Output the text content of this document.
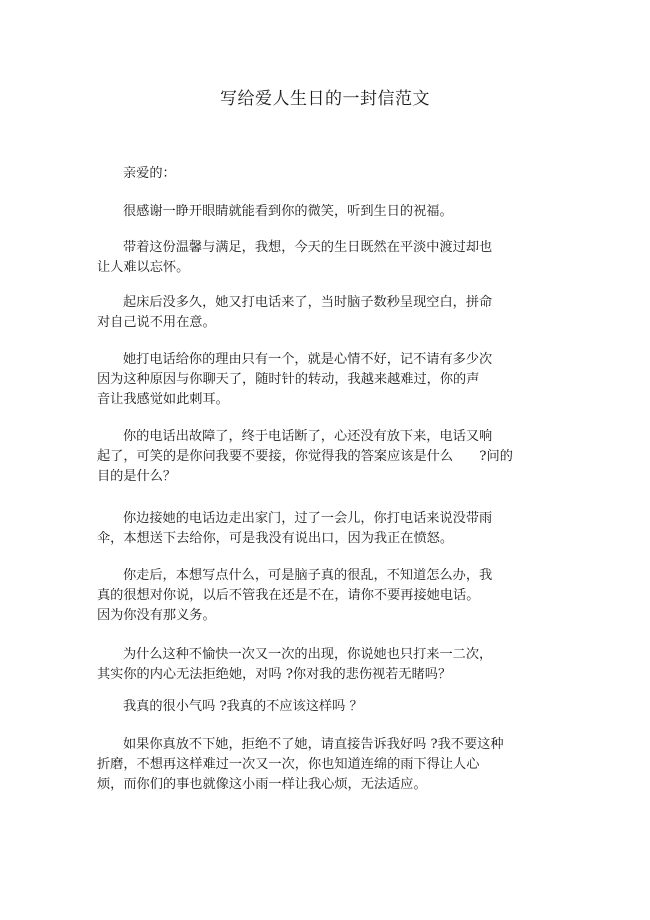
写给爱人生日的一封信范文

亲爱的：

很感谢一睁开眼睛就能看到你的微笑，听到生日的祝福。

带着这份温馨与满足，我想，今天的生日既然在平淡中渡过却也
让人难以忘怀。

起床后没多久，她又打电话来了，当时脑子数秒呈现空白，拼命
对自己说不用在意。

她打电话给你的理由只有一个，就是心情不好，记不请有多少次
因为这种原因与你聊天了，随时针的转动，我越来越难过，你的声
音让我感觉如此刺耳。

你的电话出故障了，终于电话断了，心还没有放下来，电话又响
起了，可笑的是你问我要不要接，你觉得我的答案应该是什么　　?问的
目的是什么？

你边接她的电话边走出家门，过了一会儿，你打电话来说没带雨
伞，本想送下去给你，可是我没有说出口，因为我正在愤怒。

你走后，本想写点什么，可是脑子真的很乱，不知道怎么办，我
真的很想对你说，以后不管我在还是不在，请你不要再接她电话。
因为你没有那义务。

为什么这种不愉快一次又一次的出现，你说她也只打来一二次，
其实你的内心无法拒绝她，对吗 ?你对我的悲伤视若无睹吗？

我真的很小气吗 ?我真的不应该这样吗 ？

如果你真放不下她，拒绝不了她，请直接告诉我好吗 ?我不要这种
折磨，不想再这样难过一次又一次，你也知道连绵的雨下得让人心
烦，而你们的事也就像这小雨一样让我心烦，无法适应。
